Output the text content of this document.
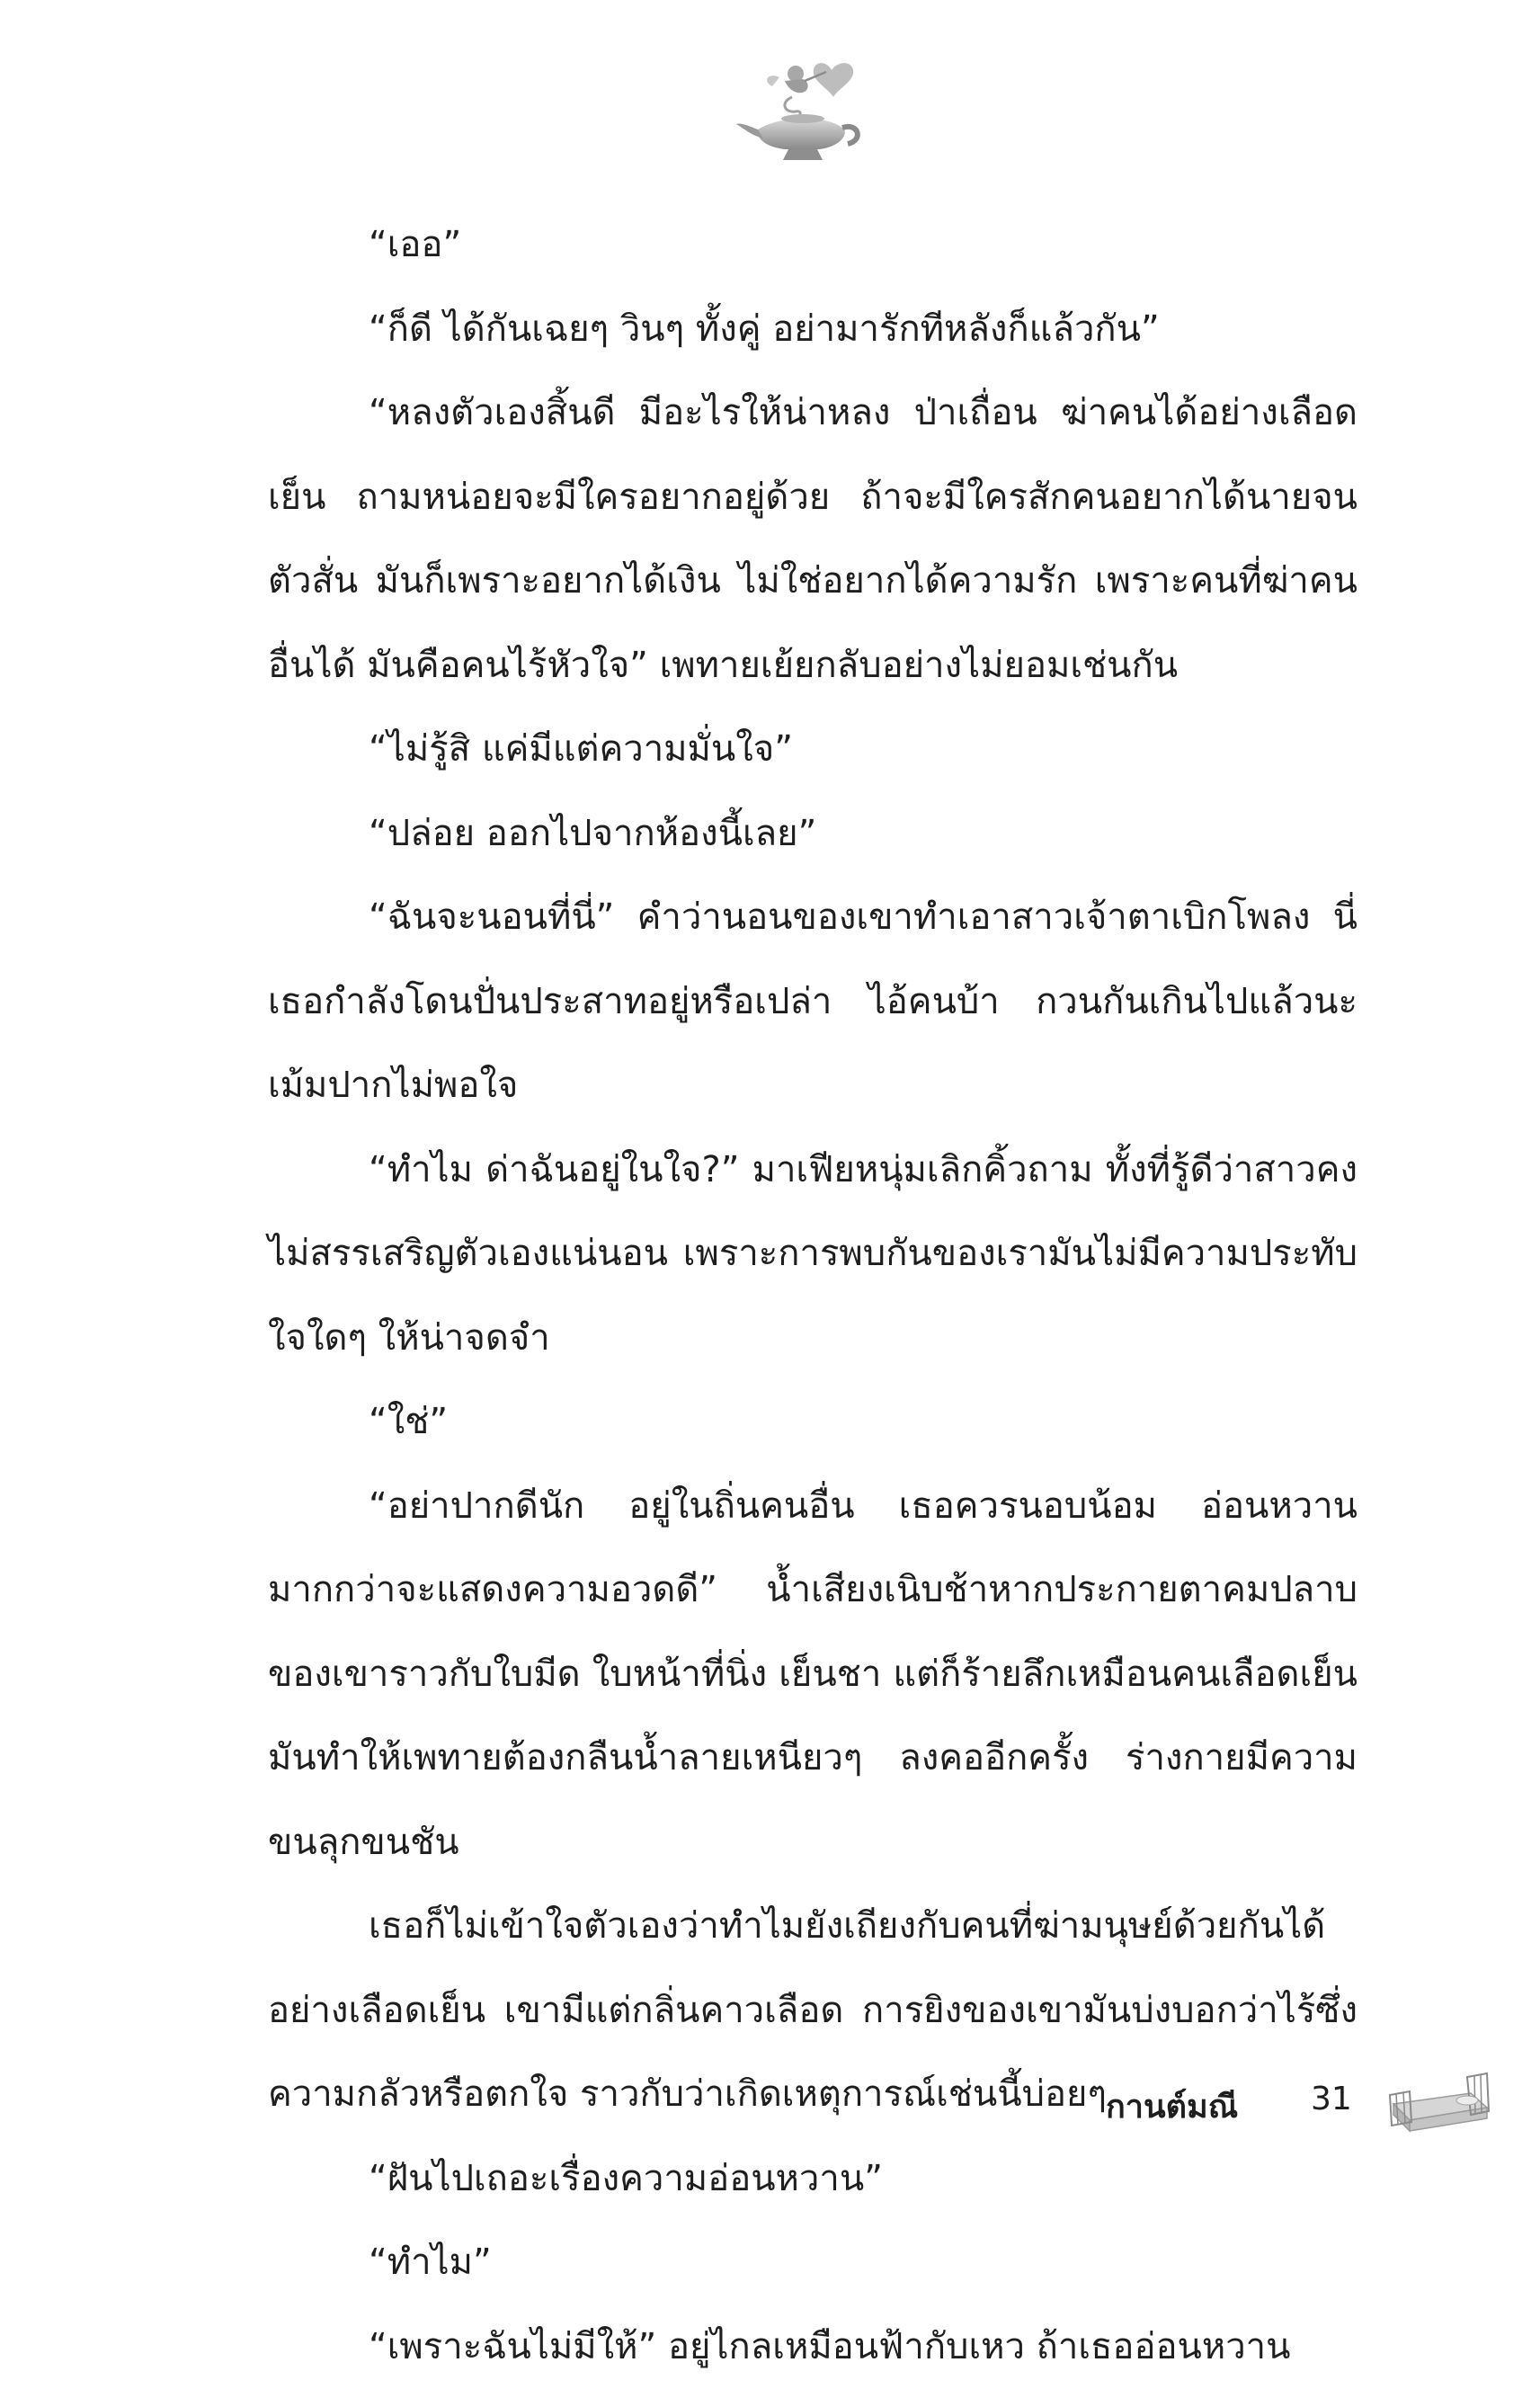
“เออ”

“ก็ดี ได้กันเฉยๆ วินๆ ทั้งคู่ อย่ามารักทีหลังก็แล้วกัน”

“หลงตัวเองสิ้นดี มีอะไรให้น่าหลง ป่าเถื่อน ฆ่าคนได้อย่างเลือดเย็น ถามหน่อยจะมีใครอยากอยู่ด้วย ถ้าจะมีใครสักคนอยากได้นายจนตัวสั่น มันก็เพราะอยากได้เงิน ไม่ใช่อยากได้ความรัก เพราะคนที่ฆ่าคนอื่นได้ มันคือคนไร้หัวใจ” เพทายเย้ยกลับอย่างไม่ยอมเช่นกัน

“ไม่รู้สิ แค่มีแต่ความมั่นใจ”

“ปล่อย ออกไปจากห้องนี้เลย”

“ฉันจะนอนที่นี่” คำว่านอนของเขาทำเอาสาวเจ้าตาเบิกโพลง นี่เธอกำลังโดนปั่นประสาทอยู่หรือเปล่า ไอ้คนบ้า กวนกันเกินไปแล้วนะ เม้มปากไม่พอใจ

“ทำไม ด่าฉันอยู่ในใจ?” มาเฟียหนุ่มเลิกคิ้วถาม ทั้งที่รู้ดีว่าสาวคงไม่สรรเสริญตัวเองแน่นอน เพราะการพบกันของเรามันไม่มีความประทับใจใดๆ ให้น่าจดจำ

“ใช่”

“อย่าปากดีนัก อยู่ในถิ่นคนอื่น เธอควรนอบน้อม อ่อนหวานมากกว่าจะแสดงความอวดดี” น้ำเสียงเนิบช้าหากประกายตาคมปลาบของเขาราวกับใบมีด ใบหน้าที่นิ่ง เย็นชา แต่ก็ร้ายลึกเหมือนคนเลือดเย็น มันทำให้เพทายต้องกลืนน้ำลายเหนียวๆ ลงคออีกครั้ง ร่างกายมีความขนลุกขนชัน

เธอก็ไม่เข้าใจตัวเองว่าทำไมยังเถียงกับคนที่ฆ่ามนุษย์ด้วยกันได้อย่างเลือดเย็น เขามีแต่กลิ่นคาวเลือด การยิงของเขามันบ่งบอกว่าไร้ซึ่งความกลัวหรือตกใจ ราวกับว่าเกิดเหตุการณ์เช่นนี้บ่อยๆ

“ฝันไปเถอะเรื่องความอ่อนหวาน”

“ทำไม”

“เพราะฉันไม่มีให้” อยู่ไกลเหมือนฟ้ากับเหว ถ้าเธออ่อนหวาน

กานต์มณี 31
